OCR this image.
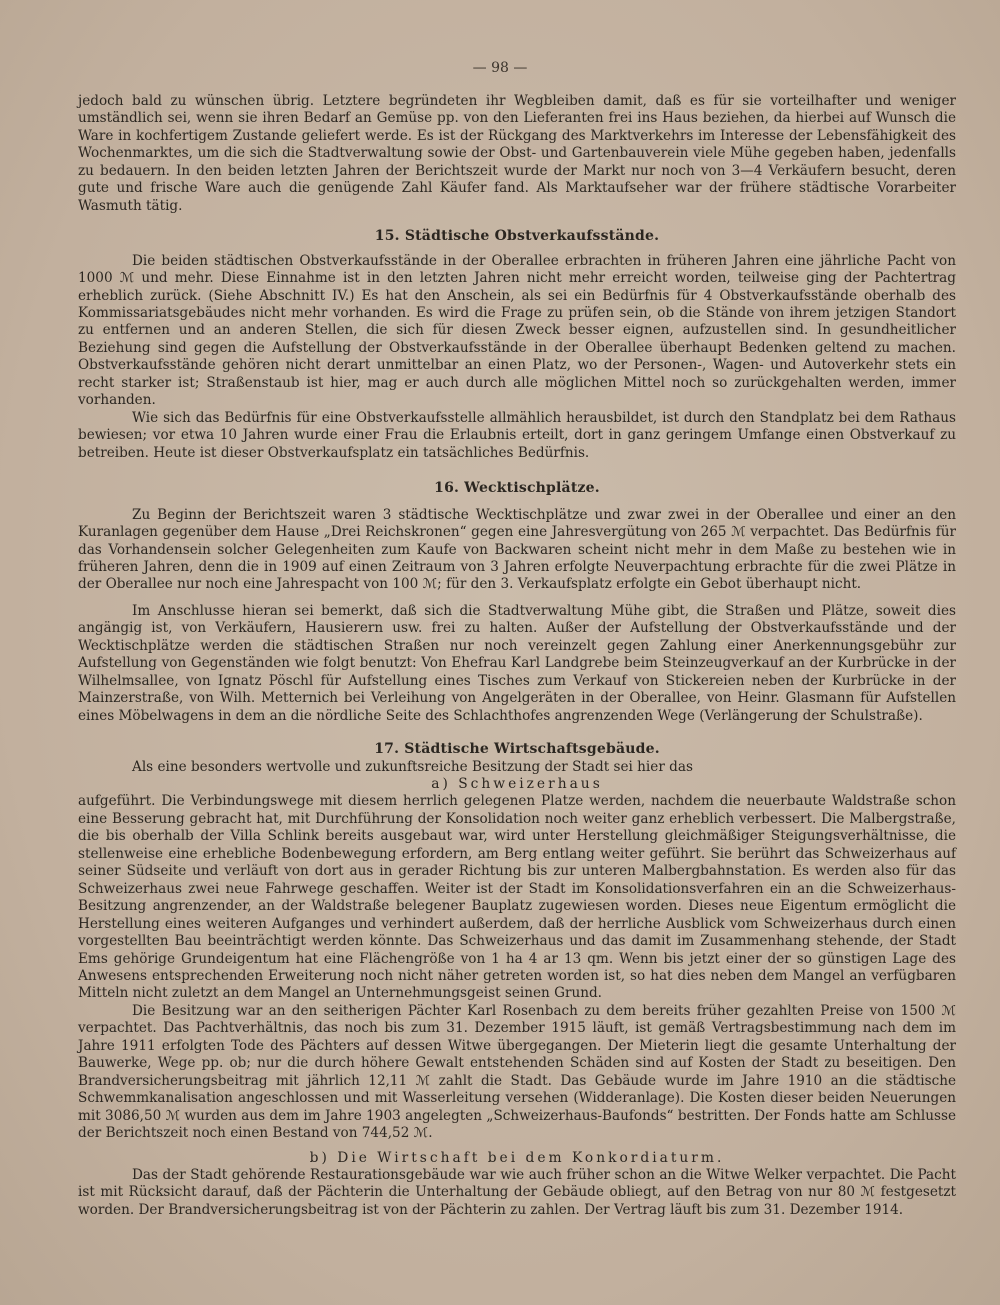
— 98 —

jedoch bald zu wünschen übrig. Letztere begründeten ihr Wegbleiben damit, daß es für sie vorteilhafter und weniger umständlich sei, wenn sie ihren Bedarf an Gemüse pp. von den Lieferanten frei ins Haus beziehen, da hierbei auf Wunsch die Ware in kochfertigem Zustande geliefert werde. Es ist der Rückgang des Marktverkehrs im Interesse der Lebensfähigkeit des Wochenmarktes, um die sich die Stadtverwaltung sowie der Obst- und Gartenbauverein viele Mühe gegeben haben, jedenfalls zu bedauern. In den beiden letzten Jahren der Berichtszeit wurde der Markt nur noch von 3—4 Verkäufern besucht, deren gute und frische Ware auch die genügende Zahl Käufer fand. Als Marktaufseher war der frühere städtische Vorarbeiter Wasmuth tätig.

15. Städtische Obstverkaufsstände.

Die beiden städtischen Obstverkaufsstände in der Oberallee erbrachten in früheren Jahren eine jährliche Pacht von 1000 ℳ und mehr. Diese Einnahme ist in den letzten Jahren nicht mehr erreicht worden, teilweise ging der Pachtertrag erheblich zurück. (Siehe Abschnitt IV.) Es hat den Anschein, als sei ein Bedürfnis für 4 Obstverkaufsstände oberhalb des Kommissariatsgebäudes nicht mehr vorhanden. Es wird die Frage zu prüfen sein, ob die Stände von ihrem jetzigen Standort zu entfernen und an anderen Stellen, die sich für diesen Zweck besser eignen, aufzustellen sind. In gesundheitlicher Beziehung sind gegen die Aufstellung der Obstverkaufsstände in der Oberallee überhaupt Bedenken geltend zu machen. Obstverkaufsstände gehören nicht derart unmittelbar an einen Platz, wo der Personen-, Wagen- und Autoverkehr stets ein recht starker ist; Straßenstaub ist hier, mag er auch durch alle möglichen Mittel noch so zurückgehalten werden, immer vorhanden.

Wie sich das Bedürfnis für eine Obstverkaufsstelle allmählich herausbildet, ist durch den Standplatz bei dem Rathaus bewiesen; vor etwa 10 Jahren wurde einer Frau die Erlaubnis erteilt, dort in ganz geringem Umfange einen Obstverkauf zu betreiben. Heute ist dieser Obstverkaufsplatz ein tatsächliches Bedürfnis.

16. Wecktischplätze.

Zu Beginn der Berichtszeit waren 3 städtische Wecktischplätze und zwar zwei in der Oberallee und einer an den Kuranlagen gegenüber dem Hause „Drei Reichskronen“ gegen eine Jahresvergütung von 265 ℳ verpachtet. Das Bedürfnis für das Vorhandensein solcher Gelegenheiten zum Kaufe von Backwaren scheint nicht mehr in dem Maße zu bestehen wie in früheren Jahren, denn die in 1909 auf einen Zeitraum von 3 Jahren erfolgte Neuverpachtung erbrachte für die zwei Plätze in der Oberallee nur noch eine Jahrespacht von 100 ℳ; für den 3. Verkaufsplatz erfolgte ein Gebot überhaupt nicht.

Im Anschlusse hieran sei bemerkt, daß sich die Stadtverwaltung Mühe gibt, die Straßen und Plätze, soweit dies angängig ist, von Verkäufern, Hausierern usw. frei zu halten. Außer der Aufstellung der Obstverkaufsstände und der Wecktischplätze werden die städtischen Straßen nur noch vereinzelt gegen Zahlung einer Anerkennungsgebühr zur Aufstellung von Gegenständen wie folgt benutzt: Von Ehefrau Karl Landgrebe beim Steinzeugverkauf an der Kurbrücke in der Wilhelmsallee, von Ignatz Pöschl für Aufstellung eines Tisches zum Verkauf von Stickereien neben der Kurbrücke in der Mainzerstraße, von Wilh. Metternich bei Verleihung von Angelgeräten in der Oberallee, von Heinr. Glasmann für Aufstellen eines Möbelwagens in dem an die nördliche Seite des Schlachthofes angrenzenden Wege (Verlängerung der Schulstraße).

17. Städtische Wirtschaftsgebäude.

Als eine besonders wertvolle und zukunftsreiche Besitzung der Stadt sei hier das

a) Schweizerhaus

aufgeführt. Die Verbindungswege mit diesem herrlich gelegenen Platze werden, nachdem die neuerbaute Waldstraße schon eine Besserung gebracht hat, mit Durchführung der Konsolidation noch weiter ganz erheblich verbessert. Die Malbergstraße, die bis oberhalb der Villa Schlink bereits ausgebaut war, wird unter Herstellung gleichmäßiger Steigungsverhältnisse, die stellenweise eine erhebliche Bodenbewegung erfordern, am Berg entlang weiter geführt. Sie berührt das Schweizerhaus auf seiner Südseite und verläuft von dort aus in gerader Richtung bis zur unteren Malbergbahnstation. Es werden also für das Schweizerhaus zwei neue Fahrwege geschaffen. Weiter ist der Stadt im Konsolidationsverfahren ein an die Schweizerhaus-Besitzung angrenzender, an der Waldstraße belegener Bauplatz zugewiesen worden. Dieses neue Eigentum ermöglicht die Herstellung eines weiteren Aufganges und verhindert außerdem, daß der herrliche Ausblick vom Schweizerhaus durch einen vorgestellten Bau beeinträchtigt werden könnte. Das Schweizerhaus und das damit im Zusammenhang stehende, der Stadt Ems gehörige Grundeigentum hat eine Flächengröße von 1 ha 4 ar 13 qm. Wenn bis jetzt einer der so günstigen Lage des Anwesens entsprechenden Erweiterung noch nicht näher getreten worden ist, so hat dies neben dem Mangel an verfügbaren Mitteln nicht zuletzt an dem Mangel an Unternehmungsgeist seinen Grund.

Die Besitzung war an den seitherigen Pächter Karl Rosenbach zu dem bereits früher gezahlten Preise von 1500 ℳ verpachtet. Das Pachtverhältnis, das noch bis zum 31. Dezember 1915 läuft, ist gemäß Vertragsbestimmung nach dem im Jahre 1911 erfolgten Tode des Pächters auf dessen Witwe übergegangen. Der Mieterin liegt die gesamte Unterhaltung der Bauwerke, Wege pp. ob; nur die durch höhere Gewalt entstehenden Schäden sind auf Kosten der Stadt zu beseitigen. Den Brandversicherungsbeitrag mit jährlich 12,11 ℳ zahlt die Stadt. Das Gebäude wurde im Jahre 1910 an die städtische Schwemmkanalisation angeschlossen und mit Wasserleitung versehen (Widderanlage). Die Kosten dieser beiden Neuerungen mit 3086,50 ℳ wurden aus dem im Jahre 1903 angelegten „Schweizerhaus-Baufonds“ bestritten. Der Fonds hatte am Schlusse der Berichtszeit noch einen Bestand von 744,52 ℳ.

b) Die Wirtschaft bei dem Konkordiaturm.

Das der Stadt gehörende Restaurationsgebäude war wie auch früher schon an die Witwe Welker verpachtet. Die Pacht ist mit Rücksicht darauf, daß der Pächterin die Unterhaltung der Gebäude obliegt, auf den Betrag von nur 80 ℳ festgesetzt worden. Der Brandversicherungsbeitrag ist von der Pächterin zu zahlen. Der Vertrag läuft bis zum 31. Dezember 1914.
